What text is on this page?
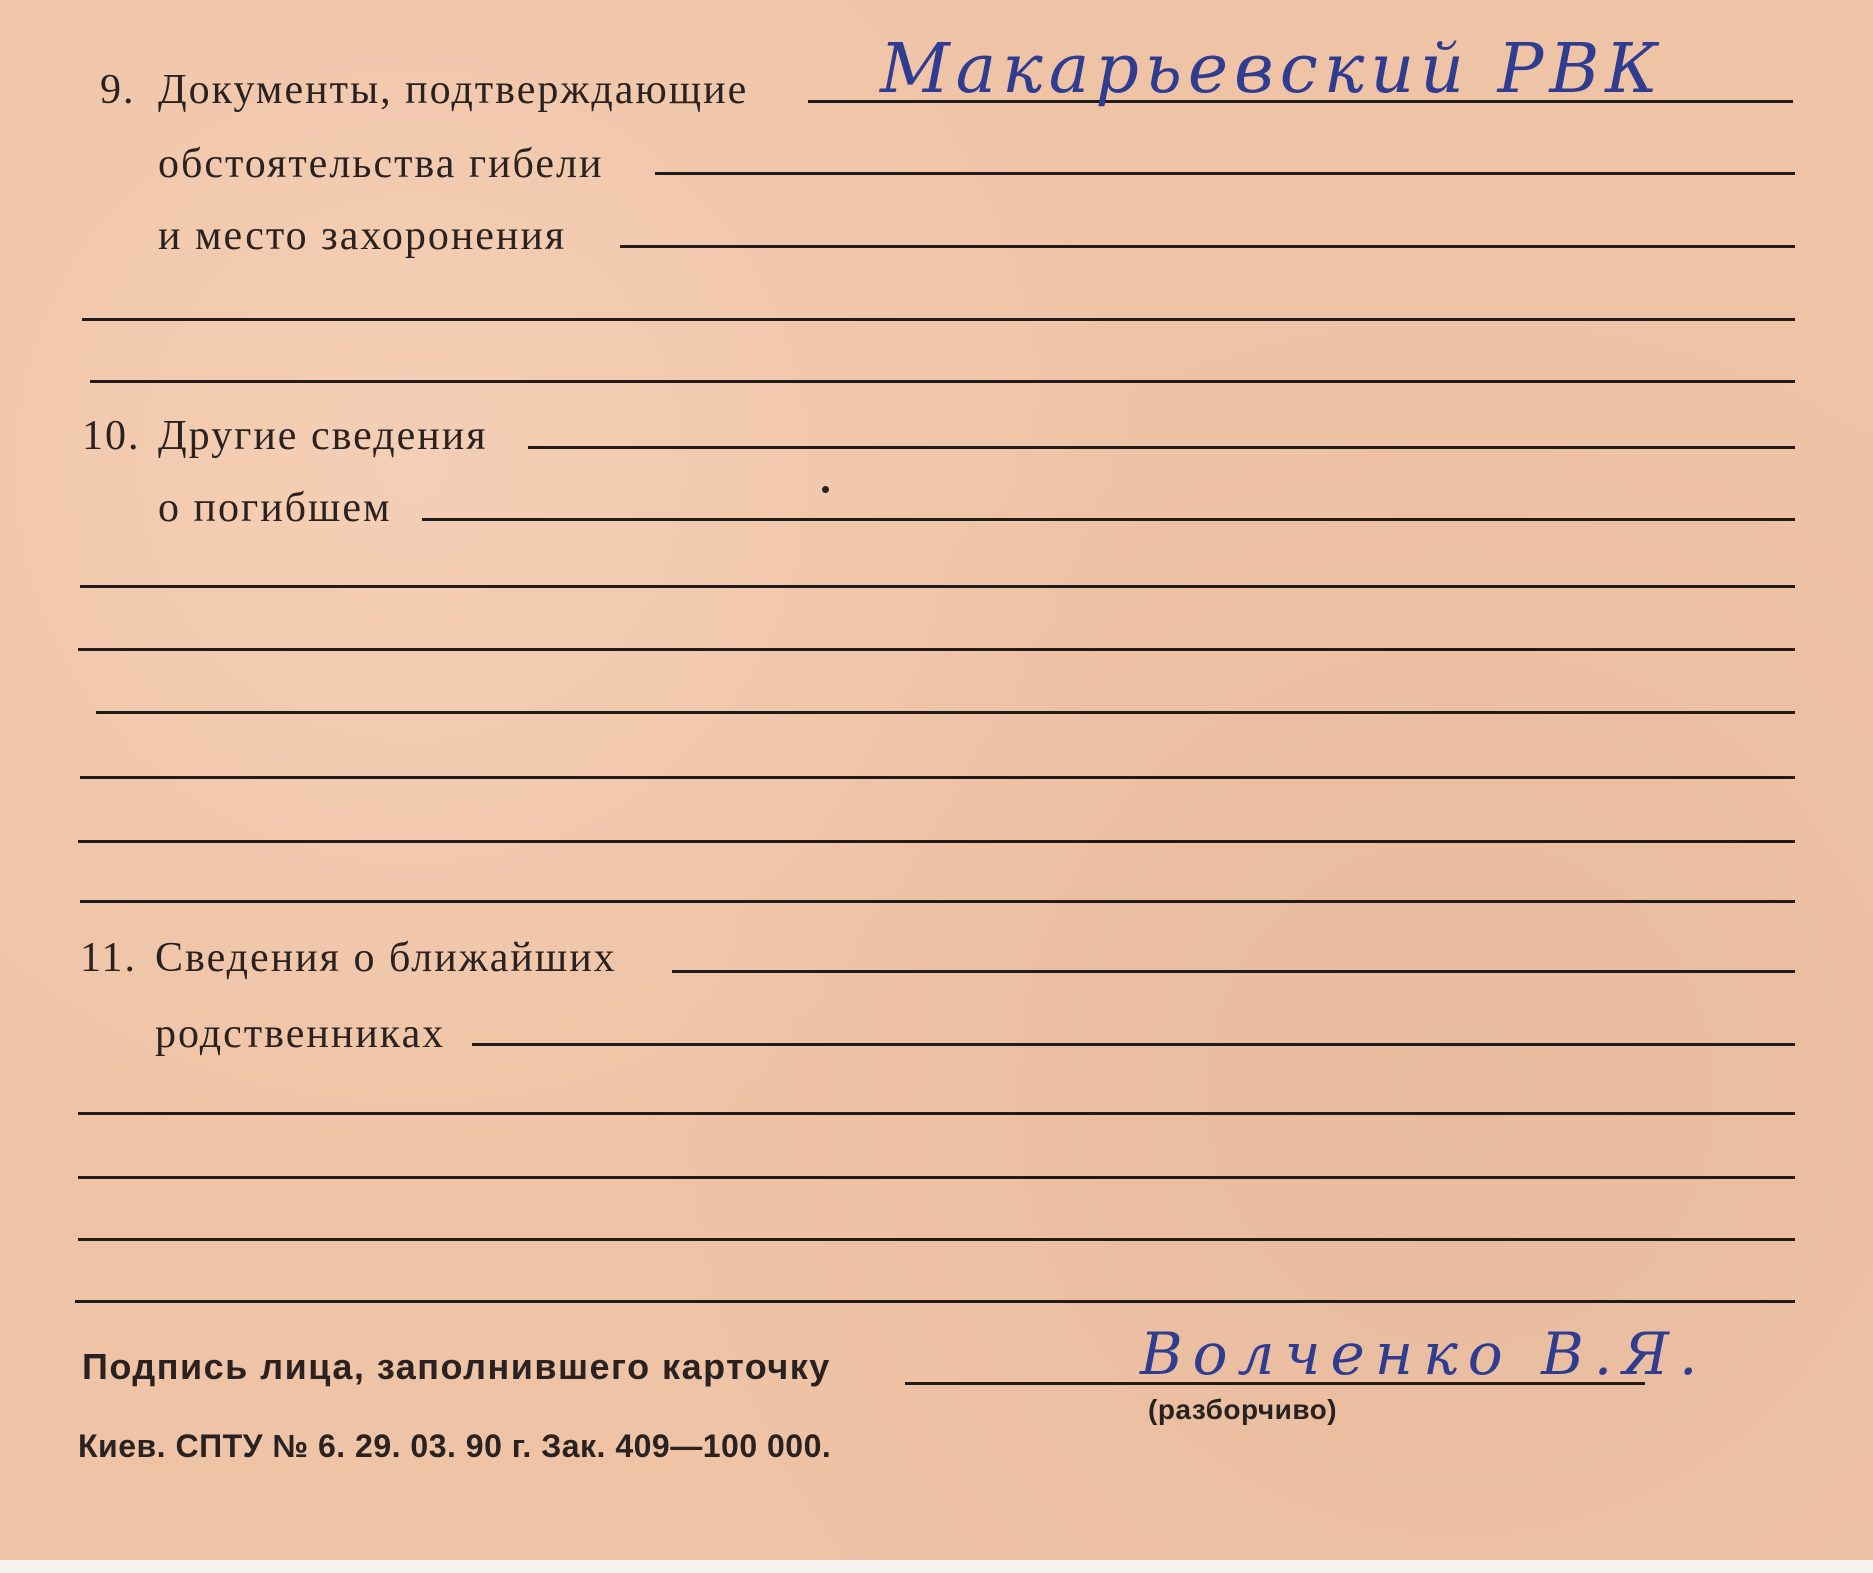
9. Документы, подтверждающие Макарьевский РВК
обстоятельства гибели
и место захоронения
10. Другие сведения
о погибшем
11. Сведения о ближайших
родственниках
Подпись лица, заполнившего карточку	Волченко В.Я.
(разборчиво)
Киев. СПТУ № 6. 29. 03. 90 г. Зак. 409—100 000.
